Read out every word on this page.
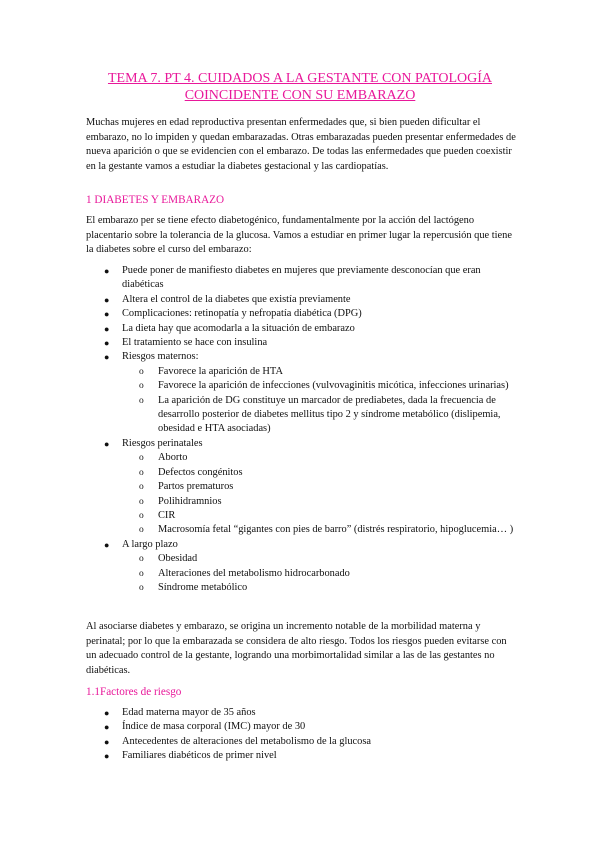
TEMA 7. PT 4. CUIDADOS A LA GESTANTE CON PATOLOGÍA
COINCIDENTE CON SU EMBARAZO
Muchas mujeres en edad reproductiva presentan enfermedades que, si bien pueden dificultar el embarazo, no lo impiden y quedan embarazadas. Otras embarazadas pueden presentar enfermedades de nueva aparición o que se evidencien con el embarazo. De todas las enfermedades que pueden coexistir en la gestante vamos a estudiar la diabetes gestacional y las cardiopatías.
1 DIABETES Y EMBARAZO
El embarazo per se tiene efecto diabetogénico, fundamentalmente por la acción del lactógeno placentario sobre la tolerancia de la glucosa. Vamos a estudiar en primer lugar la repercusión que tiene la diabetes sobre el curso del embarazo:
● Puede poner de manifiesto diabetes en mujeres que previamente desconocían que eran diabéticas
● Altera el control de la diabetes que existía previamente
● Complicaciones: retinopatía y nefropatía diabética (DPG)
● La dieta hay que acomodarla a la situación de embarazo
● El tratamiento se hace con insulina
● Riesgos maternos:
o Favorece la aparición de HTA
o Favorece la aparición de infecciones (vulvovaginitis micótica, infecciones urinarias)
o La aparición de DG constituye un marcador de prediabetes, dada la frecuencia de desarrollo posterior de diabetes mellitus tipo 2 y síndrome metabólico (dislipemia, obesidad e HTA asociadas)
● Riesgos perinatales
o Aborto
o Defectos congénitos
o Partos prematuros
o Polihidramnios
o CIR
o Macrosomía fetal “gigantes con pies de barro” (distrés respiratorio, hipoglucemia… )
● A largo plazo
o Obesidad
o Alteraciones del metabolismo hidrocarbonado
o Síndrome metabólico
Al asociarse diabetes y embarazo, se origina un incremento notable de la morbilidad materna y perinatal; por lo que la embarazada se considera de alto riesgo. Todos los riesgos pueden evitarse con un adecuado control de la gestante, logrando una morbimortalidad similar a las de las gestantes no diabéticas.
1.1Factores de riesgo
● Edad materna mayor de 35 años
● Índice de masa corporal (IMC) mayor de 30
● Antecedentes de alteraciones del metabolismo de la glucosa
● Familiares diabéticos de primer nivel
